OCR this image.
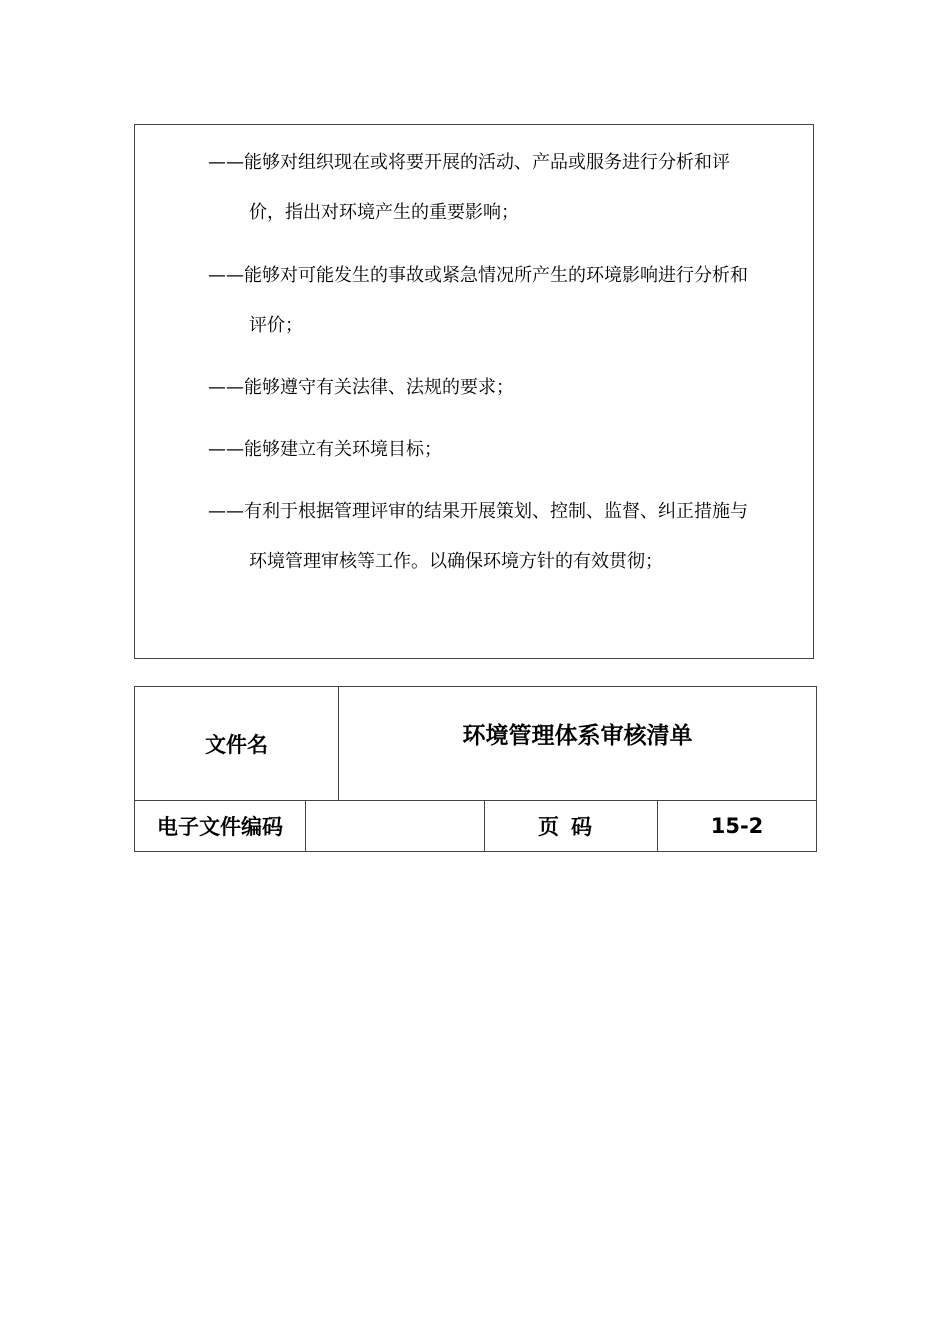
——能够对组织现在或将要开展的活动、产品或服务进行分析和评
价，指出对环境产生的重要影响；
——能够对可能发生的事故或紧急情况所产生的环境影响进行分析和
评价；
——能够遵守有关法律、法规的要求；
——能够建立有关环境目标；
——有利于根据管理评审的结果开展策划、控制、监督、纠正措施与
环境管理审核等工作。以确保环境方针的有效贯彻；
文件名		环境管理体系审核清单		
电子文件编码			页码	15-2
